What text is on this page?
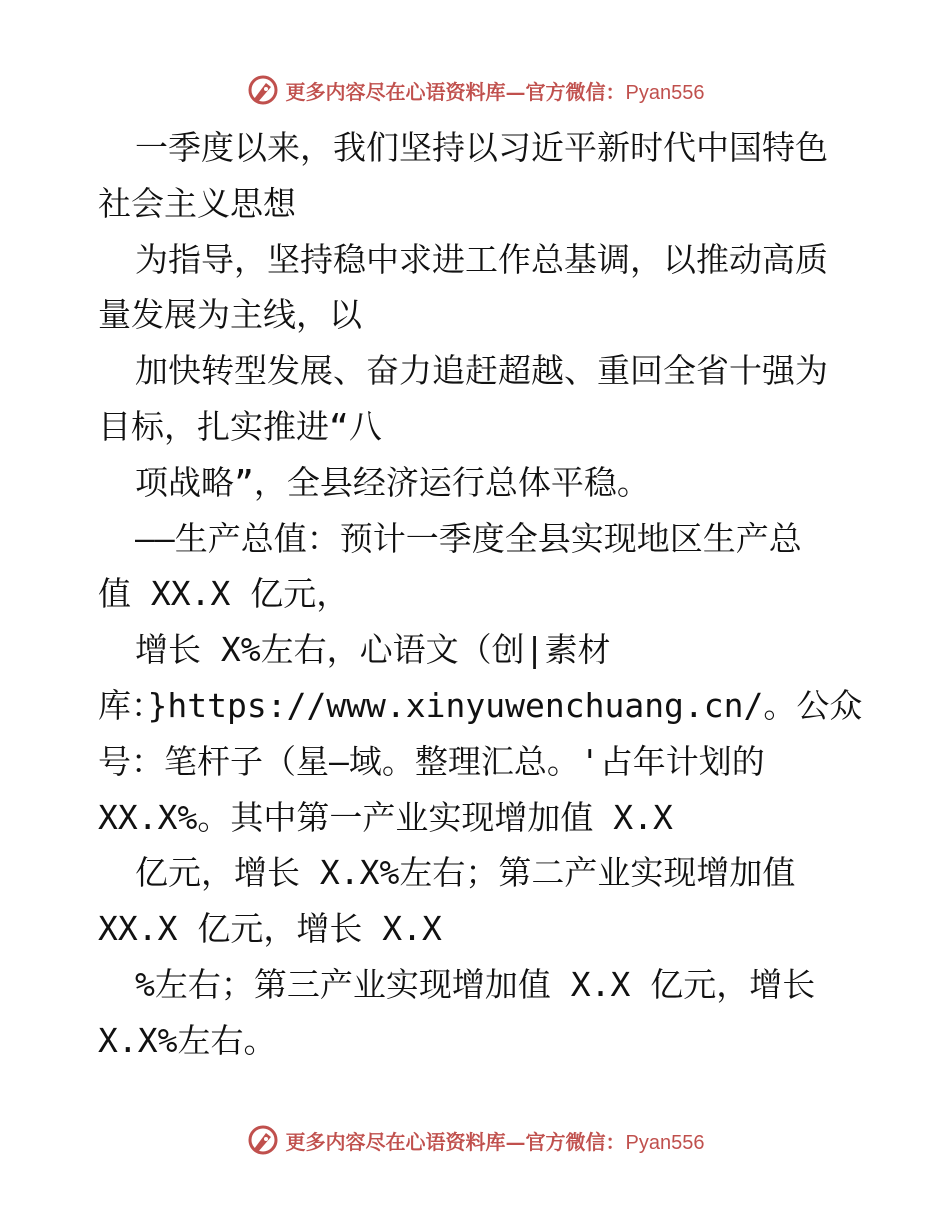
更多内容尽在心语资料库—官方微信：Pyan556
一季度以来，我们坚持以习近平新时代中国特色
社会主义思想
为指导，坚持稳中求进工作总基调，以推动高质
量发展为主线，以
加快转型发展、奋力追赶超越、重回全省十强为
目标，扎实推进“八
项战略”，全县经济运行总体平稳。
——生产总值：预计一季度全县实现地区生产总
值 XX.X 亿元，
增长 X%左右，心语文（创|素材
库：}https://www.xinyuwenchuang.cn/。公众
号：笔杆子（星—域。整理汇总。'占年计划的
XX.X%。其中第一产业实现增加值 X.X
亿元，增长 X.X%左右；第二产业实现增加值
XX.X 亿元，增长 X.X
%左右；第三产业实现增加值 X.X 亿元，增长
X.X%左右。
更多内容尽在心语资料库—官方微信：Pyan556
